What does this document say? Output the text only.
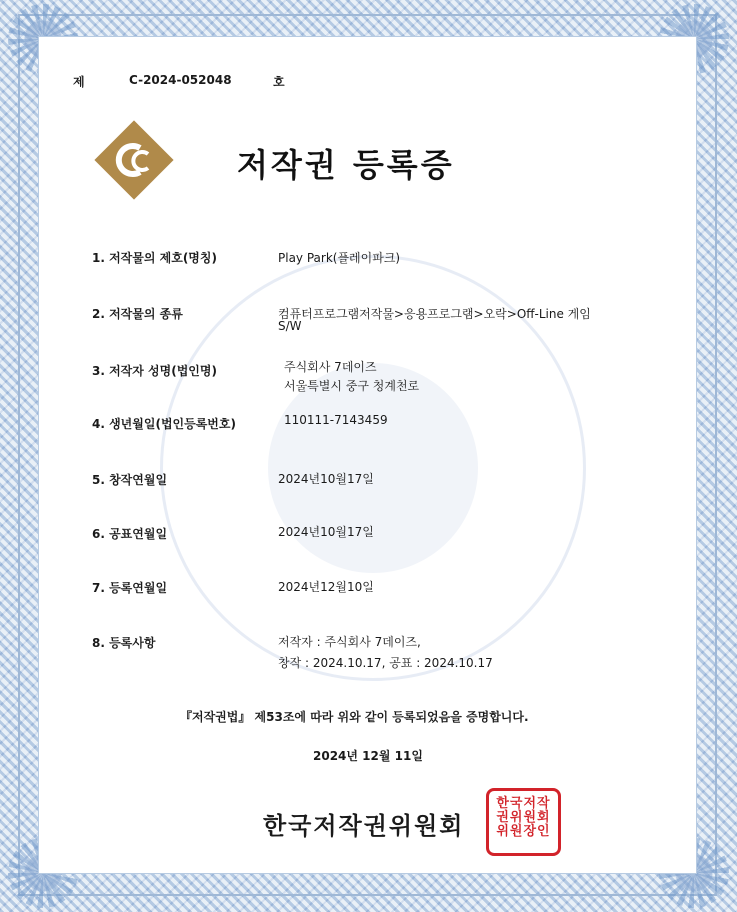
제	C-2024-052048	호
저작권 등록증
1. 저작물의 제호(명칭)	Play Park(플레이파크)
2. 저작물의 종류	컴퓨터프로그램저작물>응용프로그램>오락>Off-Line 게임
S/W
3. 저작자 성명(법인명)	주식회사 7데이즈
서울특별시 중구 청계천로
4. 생년월일(법인등록번호)	110111-7143459
5. 창작연월일	2024년10월17일
6. 공표연월일	2024년10월17일
7. 등록연월일	2024년12월10일
8. 등록사항	저작자 : 주식회사 7데이즈,
창작 : 2024.10.17, 공표 : 2024.10.17
『저작권법』 제53조에 따라 위와 같이 등록되었음을 증명합니다.
2024년 12월 11일
한국저작권위원회
한국저작
권위원회
위원장인
